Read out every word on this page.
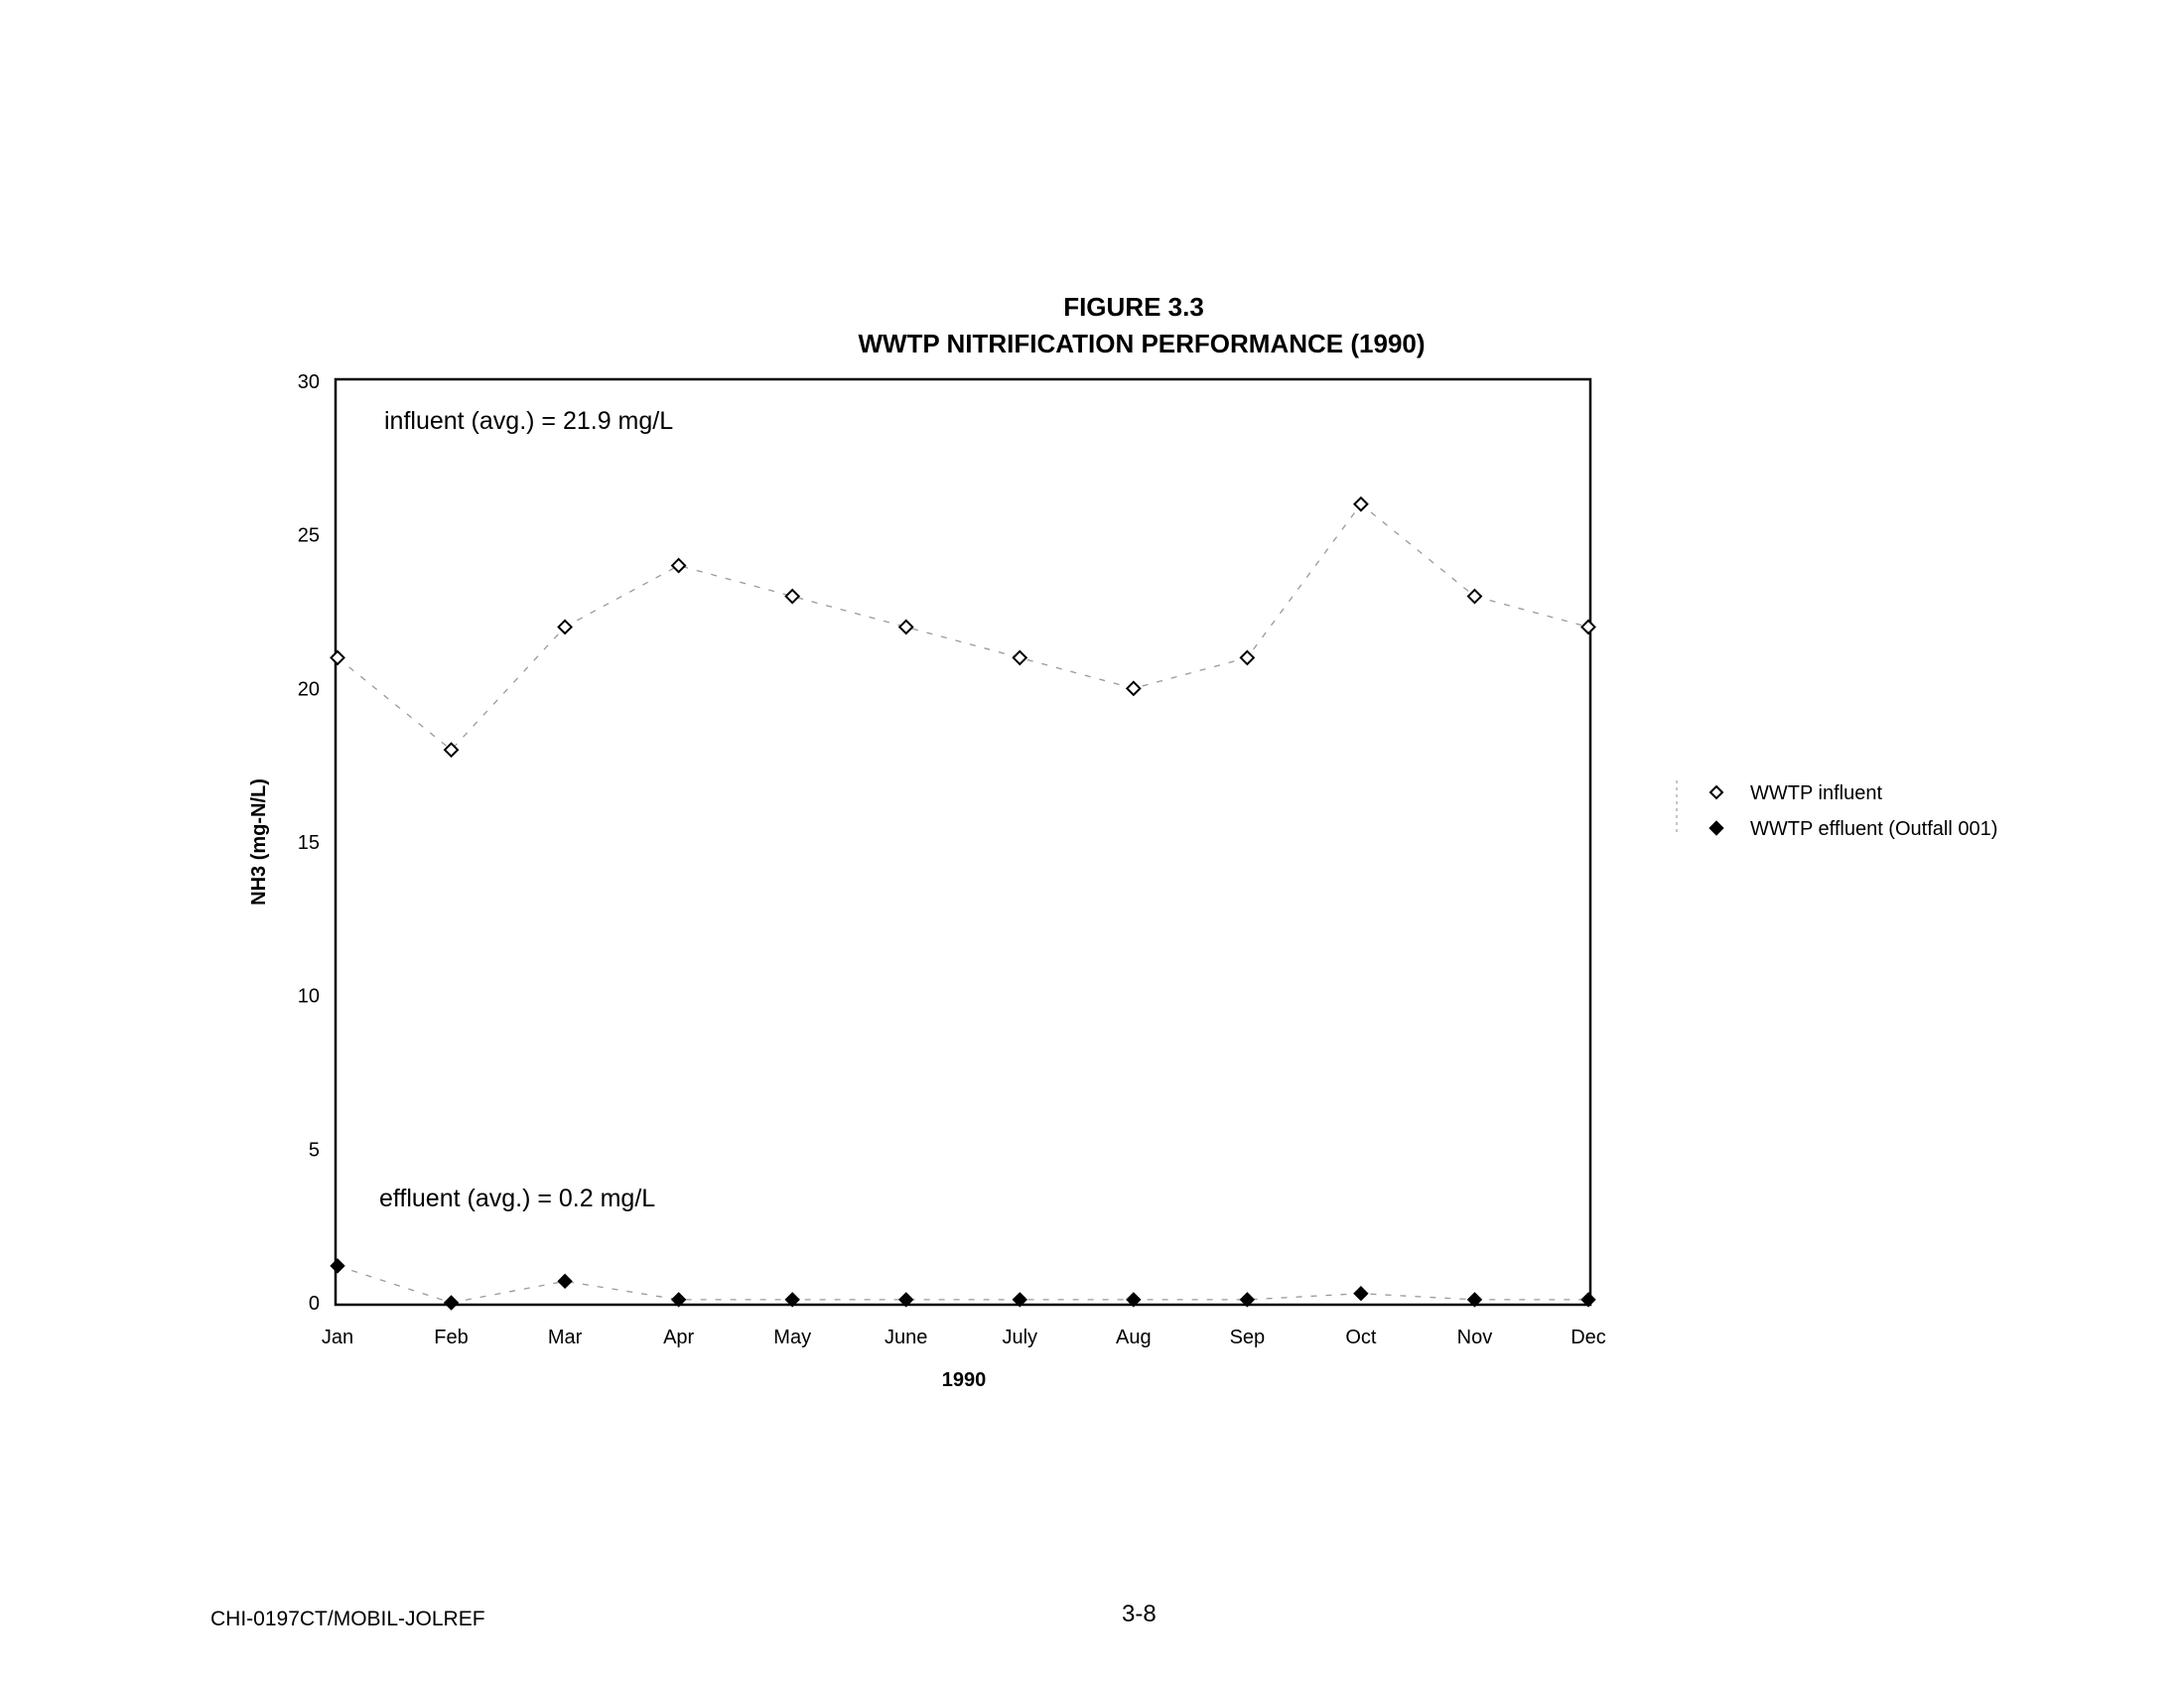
FIGURE 3.3
WWTP NITRIFICATION PERFORMANCE (1990)
0
5
10
15
20
25
30
Jan	Feb	Mar	Apr	May	June	July	Aug	Sep	Oct	Nov	Dec
influent (avg.) = 21.9 mg/L
effluent (avg.) = 0.2 mg/L
1990
NH3 (mg-N/L)	WWTP influent
WWTP effluent (Outfall 001)
CHI-0197CT/MOBIL-JOLREF	3-8
